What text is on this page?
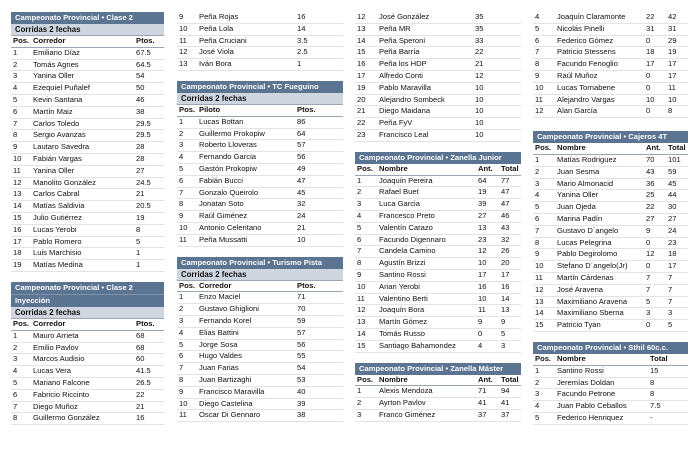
Campeonato Provincial • Clase 2
Corridas 2 fechas
Pos.	Corredor	Ptos.
1	Emiliano Díaz	67.5
2	Tomás Agnes	64.5
3	Yanina Oller	54
4	Ezequiel Puñalef	50
5	Kevin Santana	46
6	Martín Maiz	38
7	Carlos Toledo	29.5
8	Sergio Avanzas	29.5
9	Lautaro Savedra	28
10	Fabián Vargas	28
11	Yanina Oller	27
12	Manolito González	24.5
13	Carlos Cabral	21
14	Matías Saldivia	20.5
15	Julio Gutiérrez	19
16	Lucas Yerobi	8
17	Pablo Romero	5
18	Luis Marchisio	1
19	Matías Medina	1
Campeonato Provincial • Clase 2
Inyección
Corridas 2 fechas
Pos.	Corredor	Ptos.
1	Mauro Arrieta	68
2	Emilio Pavlov	68
3	Marcos Audisio	60
4	Lucas Vera	41.5
5	Mariano Falcone	26.5
6	Fabricio Riccinto	22
7	Diego Muñoz	21
8	Guillermo González	16
9	Peña Rojas	16
10	Peña Lola	14
11	Peña Cruciani	3.5
12	José Viola	2.5
13	Iván Bora	1
Campeonato Provincial • TC Fueguino
Corridas 2 fechas
Pos.	Piloto	Ptos.
1	Lucas Bottan	86
2	Guillermo Prokopiw	64
3	Roberto Lloveras	57
4	Fernando Garcia	56
5	Gastón Prokopiw	49
6	Fabián Bucci	47
7	Gonzalo Queirolo	45
8	Jonatan Soto	32
9	Raúl Giménez	24
10	Antonio Celentano	21
11	Peña Mussatti	10
Campeonato Provincial • Turismo Pista
Corridas 2 fechas
Pos.	Corredor	Ptos.
1	Enzo Maciel	71
2	Gustavo Ghiglioni	70
3	Fernando Korel	59
4	Elias Battini	57
5	Jorge Sosa	56
6	Hugo Valdes	55
7	Juan Farias	54
8	Juan Bartizaghi	53
9	Francisco Maravilla	40
10	Diego Castelina	39
11	Oscar Di Gennaro	38
12	José González	35
13	Peña MR	35
14	Peña Speroni	33
15	Peña Barría	22
16	Peña los HDP	21
17	Alfredo Conti	12
19	Pablo Maravilla	10
20	Alejandro Sombeck	10
21	Diego Maidana	10
22	Peña FyV	10
23	Francisco Leal	10
Campeonato Provincial • Zanella Junior
Pos.	Nombre	Ant.	Total
1	Joaquín Pereira	64	77
2	Rafael Buet	19	47
3	Luca Garcia	39	47
4	Francesco Preto	27	46
5	Valentín Carazo	13	43
6	Facundo Digennaro	23	32
7	Candela Camino	12	26
8	Agustín Brizzi	10	20
9	Santino Rossi	17	17
10	Arian Yerobi	16	16
11	Valentino Berti	10	14
12	Joaquín Bora	11	13
13	Martín Gómez	9	9
14	Tomás Russo	0	5
15	Santiago Bahamondez	4	3
Campeonato Provincial • Zanella Máster
Pos.	Nombre	Ant.	Total
1	Alexis Mendoza	71	94
2	Ayrton Pavlov	41	41
3	Franco Giménez	37	37
4	Joaquín Claramonte	22	42
5	Nicolás Pinelli	31	31
6	Federico Gómez	0	29
7	Patricio Stessens	18	19
8	Facundo Fenoglio	17	17
9	Raúl Muñoz	0	17
10	Lucas Tornabene	0	11
11	Alejandro Vargas	10	10
12	Alan García	0	8
Campeonato Provincial • Cajeros 4T
Pos.	Nombre	Ant.	Total
1	Matías Rodriguez	70	101
2	Juan Sesma	43	59
3	Mario Almonacid	36	45
4	Yanina Oller	25	44
5	Juan Ojeda	22	30
6	Marina Padín	27	27
7	Gustavo D´angelo	9	24
8	Lucas Pelegrina	0	23
9	Pablo Degirolomo	12	18
10	Stefano D´angelo(Jr)	0	17
11	Martín Cárdenas	7	7
12	José Aravena	7	7
13	Maximiliano Aravena	5	7
14	Maximiliano Sberna	3	3
15	Patricio Tyan	0	5
Campeonato Provincial • Sthil 60c.c.
Pos.	Nombre	Total
1	Santino Rossi	15
2	Jeremías Doldan	8
3	Facundo Petrone	8
4	Juan Pablo Ceballos	7.5
5	Federico Henriquez	-
